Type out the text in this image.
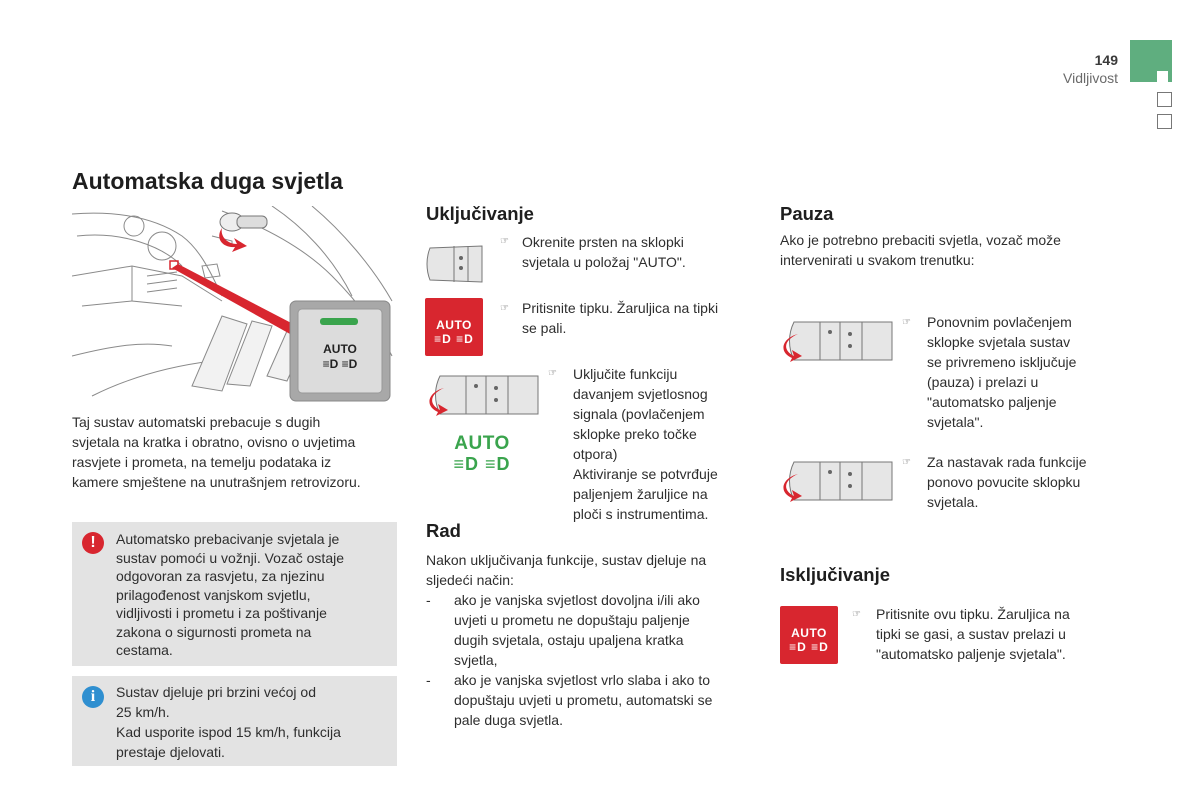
149
Vidljivost
Automatska duga svjetla
AUTO
≡D ≡D

Taj sustav automatski prebacuje s dugih

svjetala na kratka i obratno, ovisno o uvjetima

rasvjete i prometa, na temelju podataka iz

kamere smještene na unutrašnjem retrovizoru.

!	Automatsko prebacivanje svjetala je

sustav pomoći u vožnji. Vozač ostaje

odgovoran za rasvjetu, za njezinu

prilagođenost vanjskom svjetlu,

vidljivosti i prometu i za poštivanje

zakona o sigurnosti prometa na

cestama.

i	Sustav djeluje pri brzini većoj od

25 km/h.

Kad usporite ispod 15 km/h, funkcija

prestaje djelovati.

Uključivanje
☞ Okrenite prsten na sklopki

svjetala u položaj "AUTO".

AUTO
≡D ≡D
☞ Pritisnite tipku. Žaruljica na tipki

se pali.

AUTO
≡D ≡D
☞ Uključite funkciju

davanjem svjetlosnog

signala (povlačenjem

sklopke preko točke

otpora)

Aktiviranje se potvrđuje

paljenjem žaruljice na

ploči s instrumentima.

Rad

Nakon uključivanja funkcije, sustav djeluje na

sljedeći način:

- ako je vanjska svjetlost dovoljna i/ili ako
uvjeti u prometu ne dopuštaju paljenje
dugih svjetala, ostaju upaljena kratka
svjetla,
- ako je vanjska svjetlost vrlo slaba i ako to
dopuštaju uvjeti u prometu, automatski se
pale duga svjetla.
Pauza

Ako je potrebno prebaciti svjetla, vozač može

intervenirati u svakom trenutku:

☞ Ponovnim povlačenjem

sklopke svjetala sustav

se privremeno isključuje

(pauza) i prelazi u

"automatsko paljenje

svjetala".

☞ Za nastavak rada funkcije

ponovo povucite sklopku

svjetala.

Isključivanje
AUTO
≡D ≡D
☞ Pritisnite ovu tipku. Žaruljica na

tipki se gasi, a sustav prelazi u

"automatsko paljenje svjetala".
